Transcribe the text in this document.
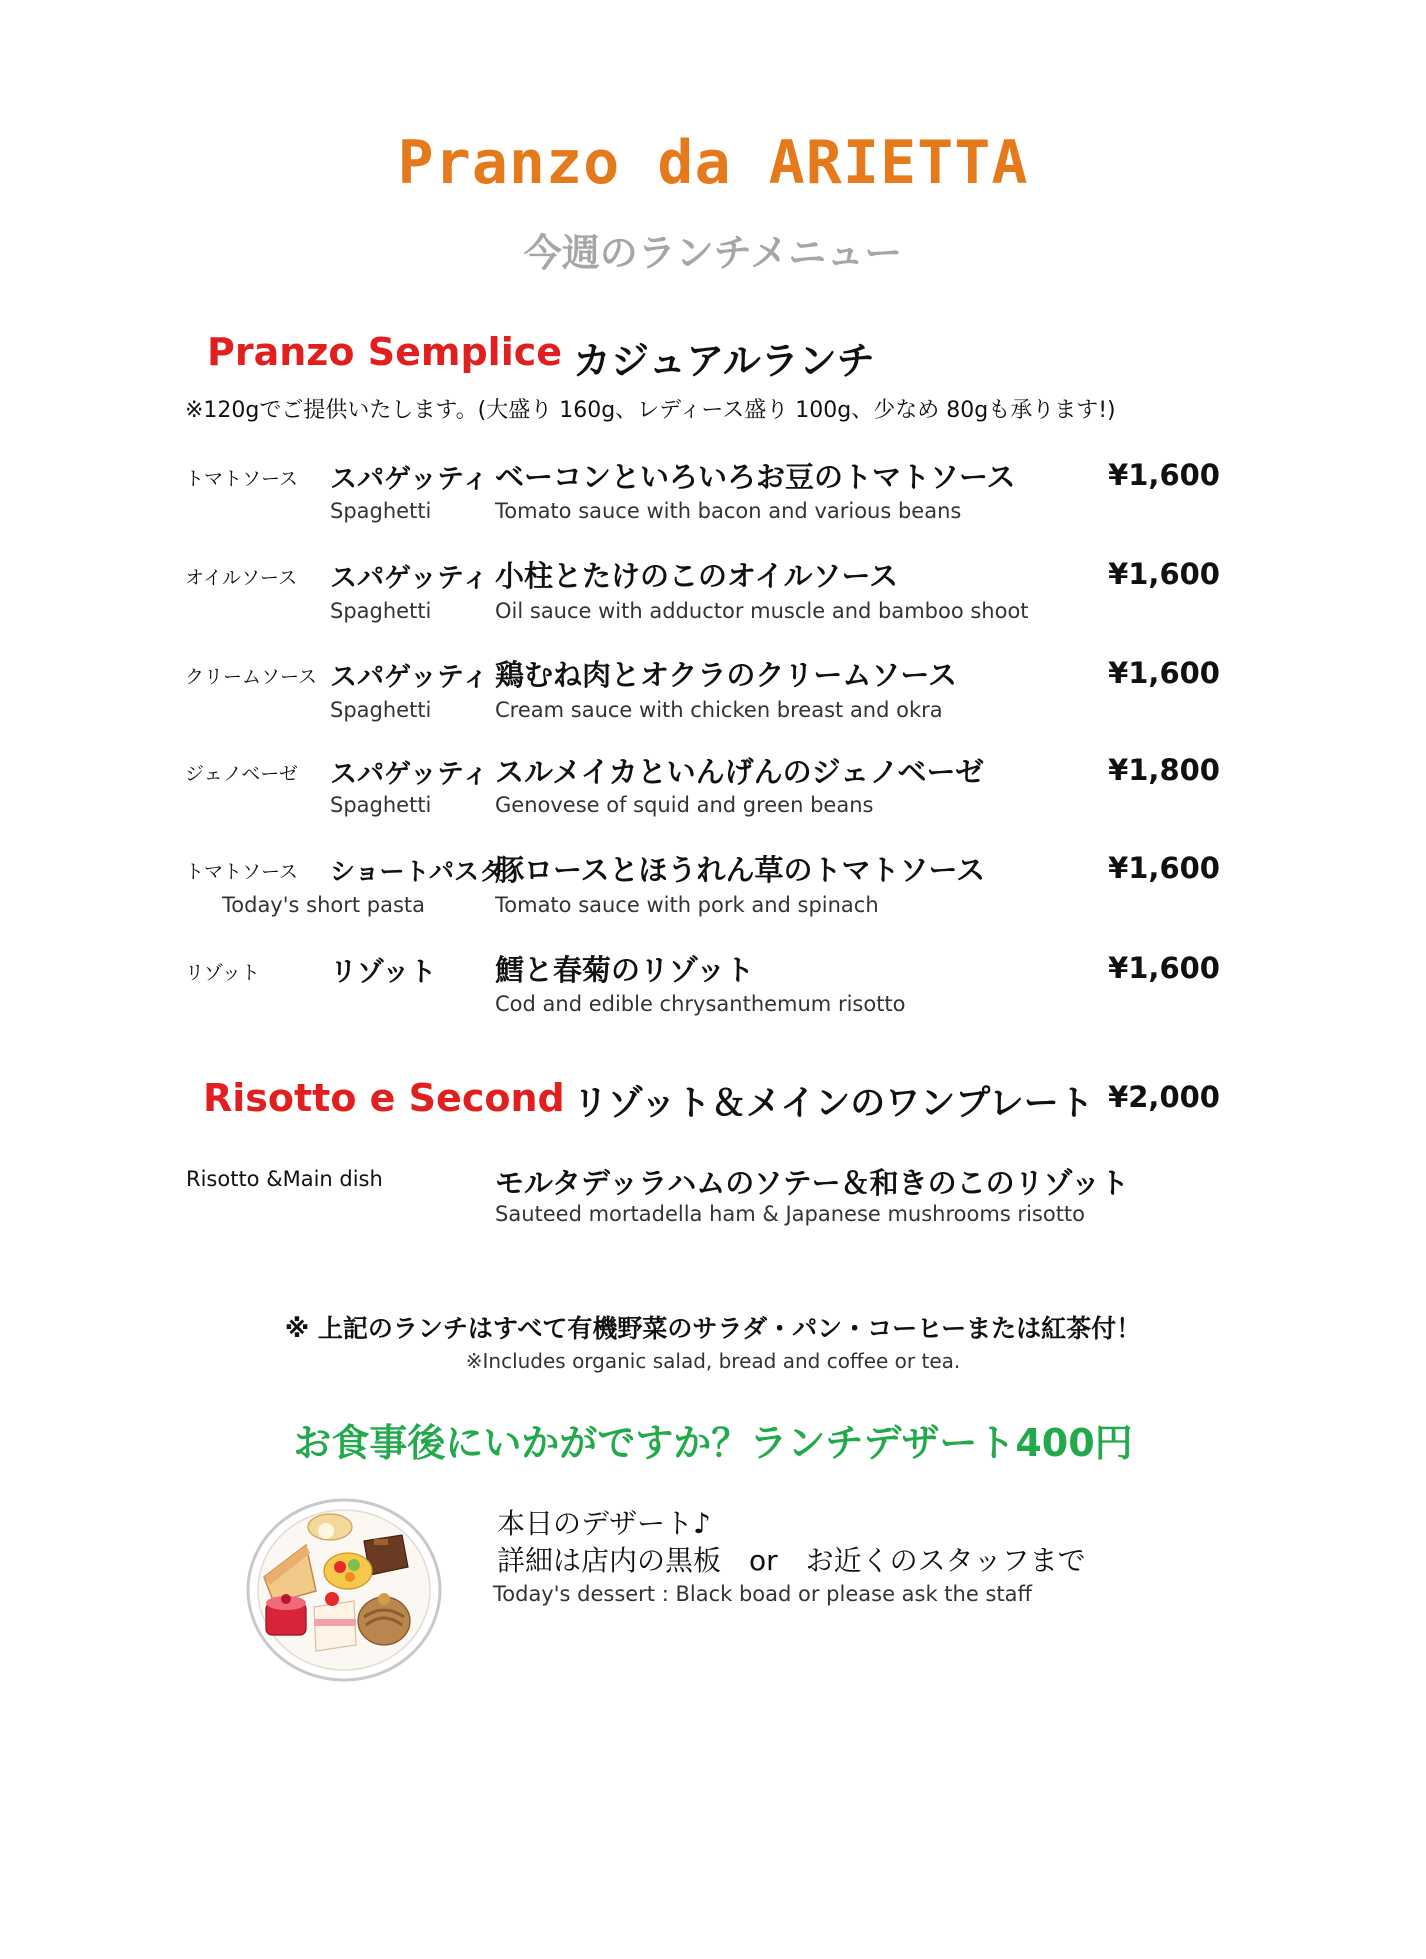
Pranzo da ARIETTA
今週のランチメニュー
Pranzo Semplice カジュアルランチ
※120gでご提供いたします。(大盛り 160g、レディース盛り 100g、少なめ 80gも承ります!)
トマトソース スパゲッティ
Spaghetti
ベーコンといろいろお豆のトマトソース
Tomato sauce with bacon and various beans
¥1,600
オイルソース スパゲッティ
Spaghetti
小柱とたけのこのオイルソース
Oil sauce with adductor muscle and bamboo shoot
¥1,600
クリームソース スパゲッティ
Spaghetti
鶏むね肉とオクラのクリームソース
Cream sauce with chicken breast and okra
¥1,600
ジェノベーゼ スパゲッティ
Spaghetti
スルメイカといんげんのジェノベーゼ
Genovese of squid and green beans
¥1,800
トマトソース ショートパスタ
Today's short pasta
豚ロースとほうれん草のトマトソース
Tomato sauce with pork and spinach
¥1,600
リゾット	リゾット 鱈と春菊のリゾット
Cod and edible chrysanthemum risotto
¥1,600
Risotto e Second リゾット＆メインのワンプレート ¥2,000
Risotto &Main dish	モルタデッラハムのソテー＆和きのこのリゾット
Sauteed mortadella ham & Japanese mushrooms risotto
※ 上記のランチはすべて有機野菜のサラダ・パン・コーヒーまたは紅茶付！
※Includes organic salad, bread and coffee or tea.
お食事後にいかがですか？ランチデザート400円
本日のデザート♪
詳細は店内の黒板　or　お近くのスタッフまで
Today's dessert : Black boad or please ask the staff
